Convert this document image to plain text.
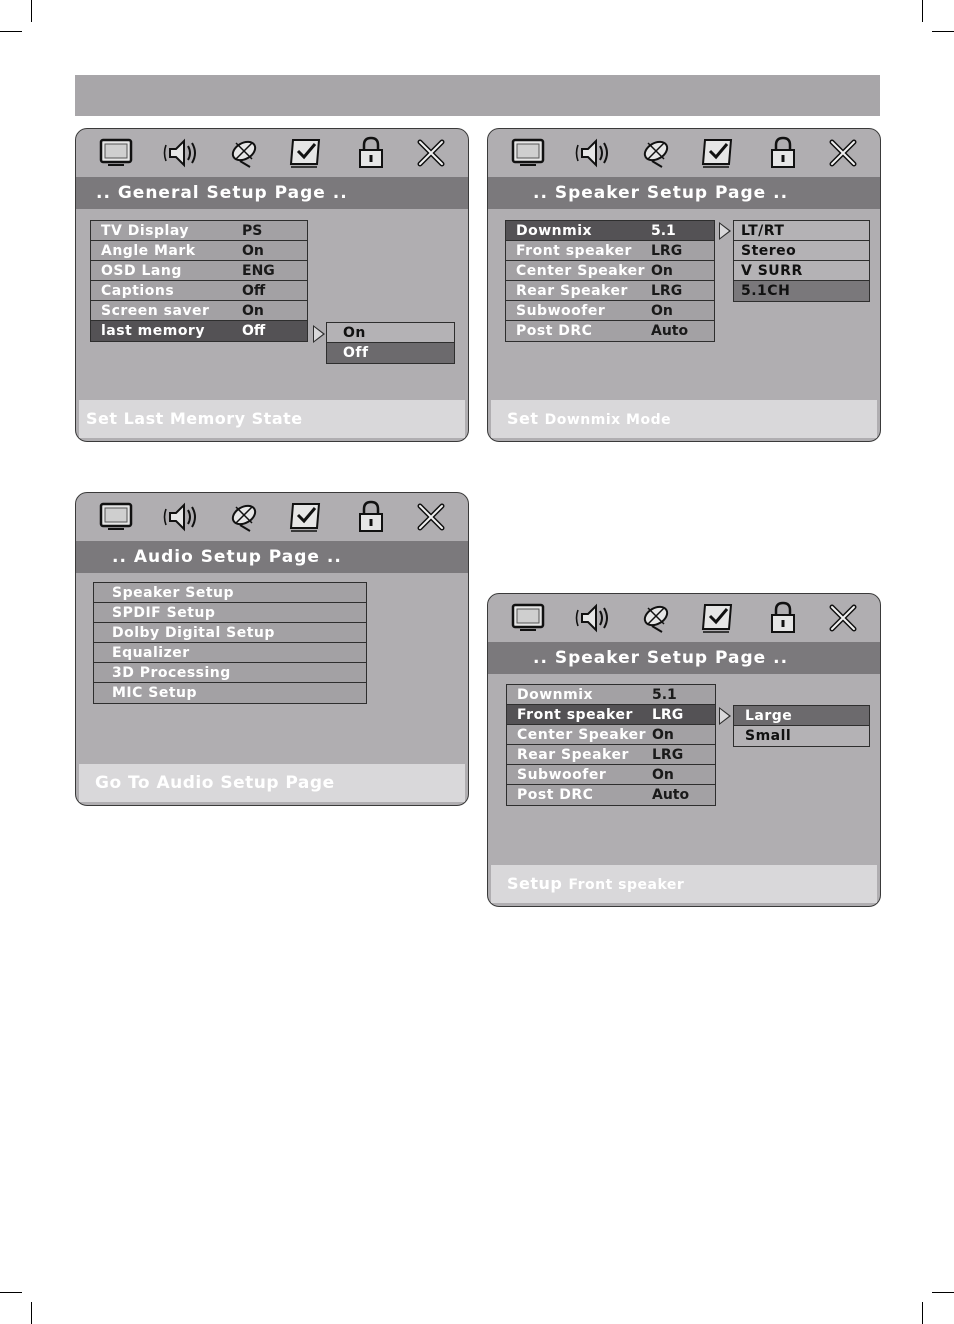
.. General Setup Page ..
TV Display	PS
Angle Mark	On
OSD Lang	ENG
Captions	Off
Screen saver On
last memory	Off	On
Off
Set Last Memory State
.. Speaker Setup Page ..
Downmix	5.1
Front speaker LRG
Center Speaker On
Rear Speaker LRG
Subwoofer	On
Post DRC	Auto
LT/RT
Stereo
V SURR
5.1CH
Set Downmix Mode
.. Audio Setup Page ..
Speaker Setup
SPDIF Setup
Dolby Digital Setup
Equalizer
3D Processing
MIC Setup
Go To Audio Setup Page
.. Speaker Setup Page ..
Downmix	5.1
Front speaker LRG
Center Speaker On
Rear Speaker LRG
Subwoofer	On
Post DRC	Auto
Large
Small
Setup Front speaker
